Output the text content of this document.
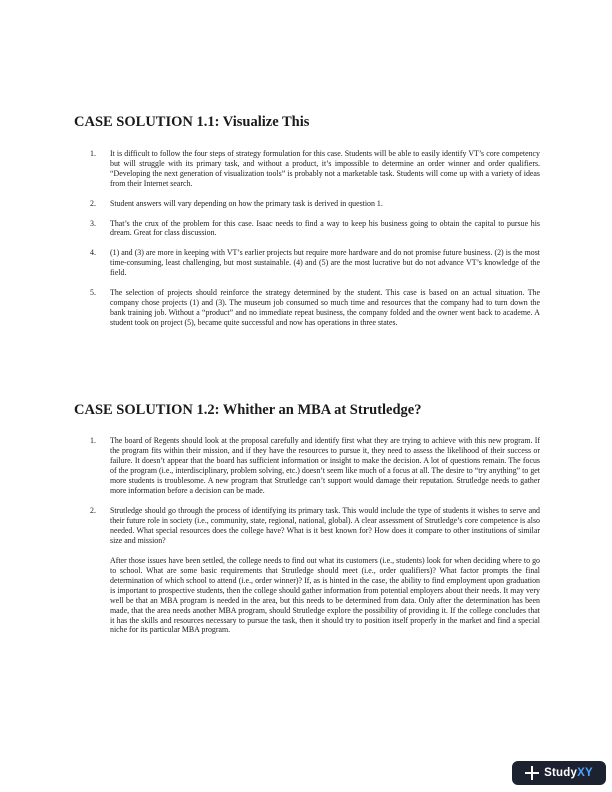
CASE SOLUTION 1.1: Visualize This
1. It is difficult to follow the four steps of strategy formulation for this case. Students will be able to easily identify VT’s core competency but will struggle with its primary task, and without a product, it’s impossible to determine an order winner and order qualifiers. “Developing the next generation of visualization tools” is probably not a marketable task. Students will come up with a variety of ideas from their Internet search.

2. Student answers will vary depending on how the primary task is derived in question 1.

3. That’s the crux of the problem for this case. Isaac needs to find a way to keep his business going to obtain the capital to pursue his dream. Great for class discussion.

4. (1) and (3) are more in keeping with VT’s earlier projects but require more hardware and do not promise future business. (2) is the most time-consuming, least challenging, but most sustainable. (4) and (5) are the most lucrative but do not advance VT’s knowledge of the field.

5. The selection of projects should reinforce the strategy determined by the student. This case is based on an actual situation. The company chose projects (1) and (3). The museum job consumed so much time and resources that the company had to turn down the bank training job. Without a “product” and no immediate repeat business, the company folded and the owner went back to academe. A student took on project (5), became quite successful and now has operations in three states.

CASE SOLUTION 1.2: Whither an MBA at Strutledge?
1. The board of Regents should look at the proposal carefully and identify first what they are trying to achieve with this new program. If the program fits within their mission, and if they have the resources to pursue it, they need to assess the likelihood of their success or failure. It doesn’t appear that the board has sufficient information or insight to make the decision. A lot of questions remain. The focus of the program (i.e., interdisciplinary, problem solving, etc.) doesn’t seem like much of a focus at all. The desire to “try anything” to get more students is troublesome. A new program that Strutledge can’t support would damage their reputation. Strutledge needs to gather more information before a decision can be made.

2. Strutledge should go through the process of identifying its primary task. This would include the type of students it wishes to serve and their future role in society (i.e., community, state, regional, national, global). A clear assessment of Strutledge’s core competence is also needed. What special resources does the college have? What is it best known for? How does it compare to other institutions of similar size and mission?

After those issues have been settled, the college needs to find out what its customers (i.e., students) look for when deciding where to go to school. What are some basic requirements that Strutledge should meet (i.e., order qualifiers)? What factor prompts the final determination of which school to attend (i.e., order winner)? If, as is hinted in the case, the ability to find employment upon graduation is important to prospective students, then the college should gather information from potential employers about their needs. It may very well be that an MBA program is needed in the area, but this needs to be determined from data. Only after the determination has been made, that the area needs another MBA program, should Strutledge explore the possibility of providing it. If the college concludes that it has the skills and resources necessary to pursue the task, then it should try to position itself properly in the market and find a special niche for its particular MBA program.

StudyXY
